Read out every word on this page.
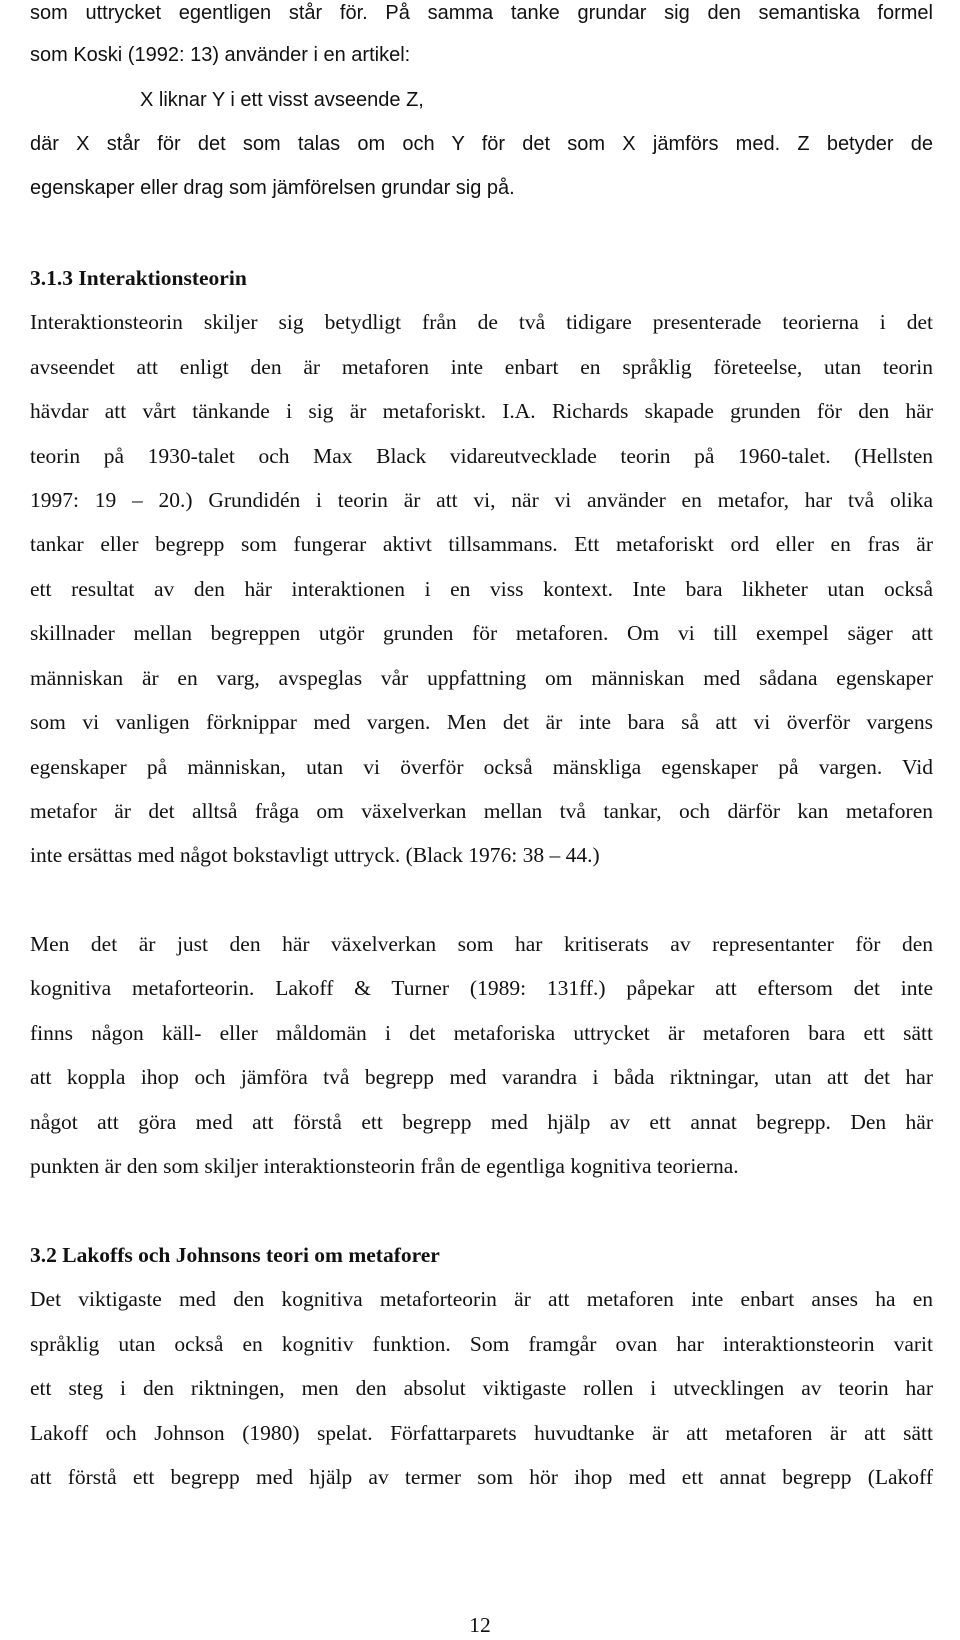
som uttrycket egentligen står för. På samma tanke grundar sig den semantiska formel
som Koski (1992: 13) använder i en artikel:
X liknar Y i ett visst avseende Z,
där X står för det som talas om och Y för det som X jämförs med. Z betyder de
egenskaper eller drag som jämförelsen grundar sig på.
3.1.3 Interaktionsteorin
Interaktionsteorin skiljer sig betydligt från de två tidigare presenterade teorierna i det
avseendet att enligt den är metaforen inte enbart en språklig företeelse, utan teorin
hävdar att vårt tänkande i sig är metaforiskt. I.A. Richards skapade grunden för den här
teorin på 1930-talet och Max Black vidareutvecklade teorin på 1960-talet. (Hellsten
1997: 19 – 20.) Grundidén i teorin är att vi, när vi använder en metafor, har två olika
tankar eller begrepp som fungerar aktivt tillsammans. Ett metaforiskt ord eller en fras är
ett resultat av den här interaktionen i en viss kontext. Inte bara likheter utan också
skillnader mellan begreppen utgör grunden för metaforen. Om vi till exempel säger att
människan är en varg, avspeglas vår uppfattning om människan med sådana egenskaper
som vi vanligen förknippar med vargen. Men det är inte bara så att vi överför vargens
egenskaper på människan, utan vi överför också mänskliga egenskaper på vargen. Vid
metafor är det alltså fråga om växelverkan mellan två tankar, och därför kan metaforen
inte ersättas med något bokstavligt uttryck. (Black 1976: 38 – 44.)
Men det är just den här växelverkan som har kritiserats av representanter för den
kognitiva metaforteorin. Lakoff & Turner (1989: 131ff.) påpekar att eftersom det inte
finns någon käll- eller måldomän i det metaforiska uttrycket är metaforen bara ett sätt
att koppla ihop och jämföra två begrepp med varandra i båda riktningar, utan att det har
något att göra med att förstå ett begrepp med hjälp av ett annat begrepp. Den här
punkten är den som skiljer interaktionsteorin från de egentliga kognitiva teorierna.
3.2 Lakoffs och Johnsons teori om metaforer
Det viktigaste med den kognitiva metaforteorin är att metaforen inte enbart anses ha en
språklig utan också en kognitiv funktion. Som framgår ovan har interaktionsteorin varit
ett steg i den riktningen, men den absolut viktigaste rollen i utvecklingen av teorin har
Lakoff och Johnson (1980) spelat. Författarparets huvudtanke är att metaforen är att sätt
att förstå ett begrepp med hjälp av termer som hör ihop med ett annat begrepp (Lakoff
12
